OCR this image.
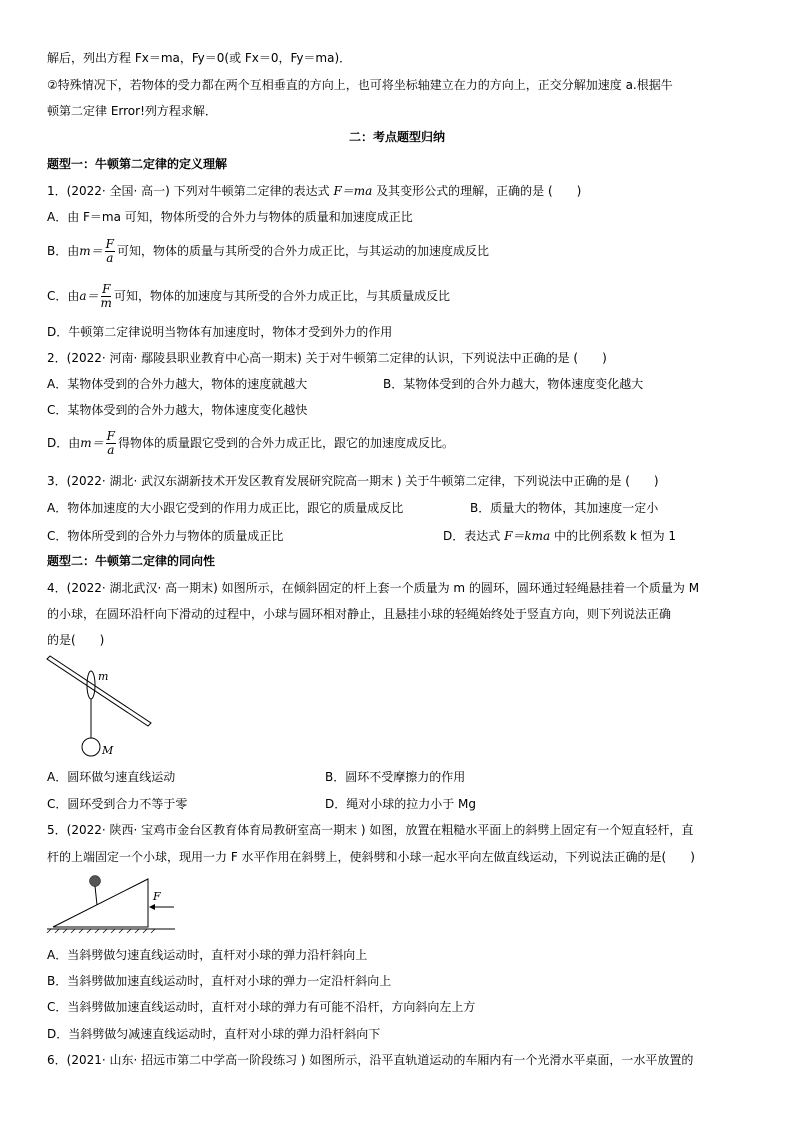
解后，列出方程 Fx＝ma，Fy＝0(或 Fx＝0，Fy＝ma)．
②特殊情况下，若物体的受力都在两个互相垂直的方向上，也可将坐标轴建立在力的方向上，正交分解加速度 a.根据牛
顿第二定律 Error!列方程求解．
二：考点题型归纳
题型一：牛顿第二定律的定义理解
1．(2022· 全国· 高一) 下列对牛顿第二定律的表达式 F＝ma 及其变形公式的理解，正确的是 (　　)
A．由 F＝ma 可知，物体所受的合外力与物体的质量和加速度成正比
B．由$m= \frac{F}{a}$ 可知，物体的质量与其所受的合外力成正比，与其运动的加速度成反比
C．由$a= \frac{F}{m}$ 可知，物体的加速度与其所受的合外力成正比，与其质量成反比
D．牛顿第二定律说明当物体有加速度时，物体才受到外力的作用
2．(2022· 河南· 鄢陵县职业教育中心高一期末) 关于对牛顿第二定律的认识，下列说法中正确的是 (　　)
A．某物体受到的合外力越大，物体的速度就越大	B．某物体受到的合外力越大，物体速度变化越大
C．某物体受到的合外力越大，物体速度变化越快
D．由$m= \frac{F}{a}$ 得物体的质量跟它受到的合外力成正比，跟它的加速度成反比。
3．(2022· 湖北· 武汉东湖新技术开发区教育发展研究院高一期末 ) 关于牛顿第二定律，下列说法中正确的是 (　　)
A．物体加速度的大小跟它受到的作用力成正比，跟它的质量成反比	B．质量大的物体，其加速度一定小
C．物体所受到的合外力与物体的质量成正比	D．表达式 F＝kma 中的比例系数 k 恒为 1
题型二：牛顿第二定律的同向性
4．(2022· 湖北武汉· 高一期末) 如图所示，在倾斜固定的杆上套一个质量为 m 的圆环，圆环通过轻绳悬挂着一个质量为 M
的小球，在圆环沿杆向下滑动的过程中，小球与圆环相对静止，且悬挂小球的轻绳始终处于竖直方向，则下列说法正确
的是(　　)
m
M
A．圆环做匀速直线运动	B．圆环不受摩擦力的作用
C．圆环受到合力不等于零	D．绳对小球的拉力小于 Mg
5．(2022· 陕西· 宝鸡市金台区教育体育局教研室高一期末 ) 如图，放置在粗糙水平面上的斜劈上固定有一个短直轻杆，直
杆的上端固定一个小球，现用一力 F 水平作用在斜劈上，使斜劈和小球一起水平向左做直线运动，下列说法正确的是(　　)
F
A．当斜劈做匀速直线运动时，直杆对小球的弹力沿杆斜向上
B．当斜劈做加速直线运动时，直杆对小球的弹力一定沿杆斜向上
C．当斜劈做加速直线运动时，直杆对小球的弹力有可能不沿杆，方向斜向左上方
D．当斜劈做匀减速直线运动时，直杆对小球的弹力沿杆斜向下
6．(2021· 山东· 招远市第二中学高一阶段练习 ) 如图所示，沿平直轨道运动的车厢内有一个光滑水平桌面，一水平放置的
